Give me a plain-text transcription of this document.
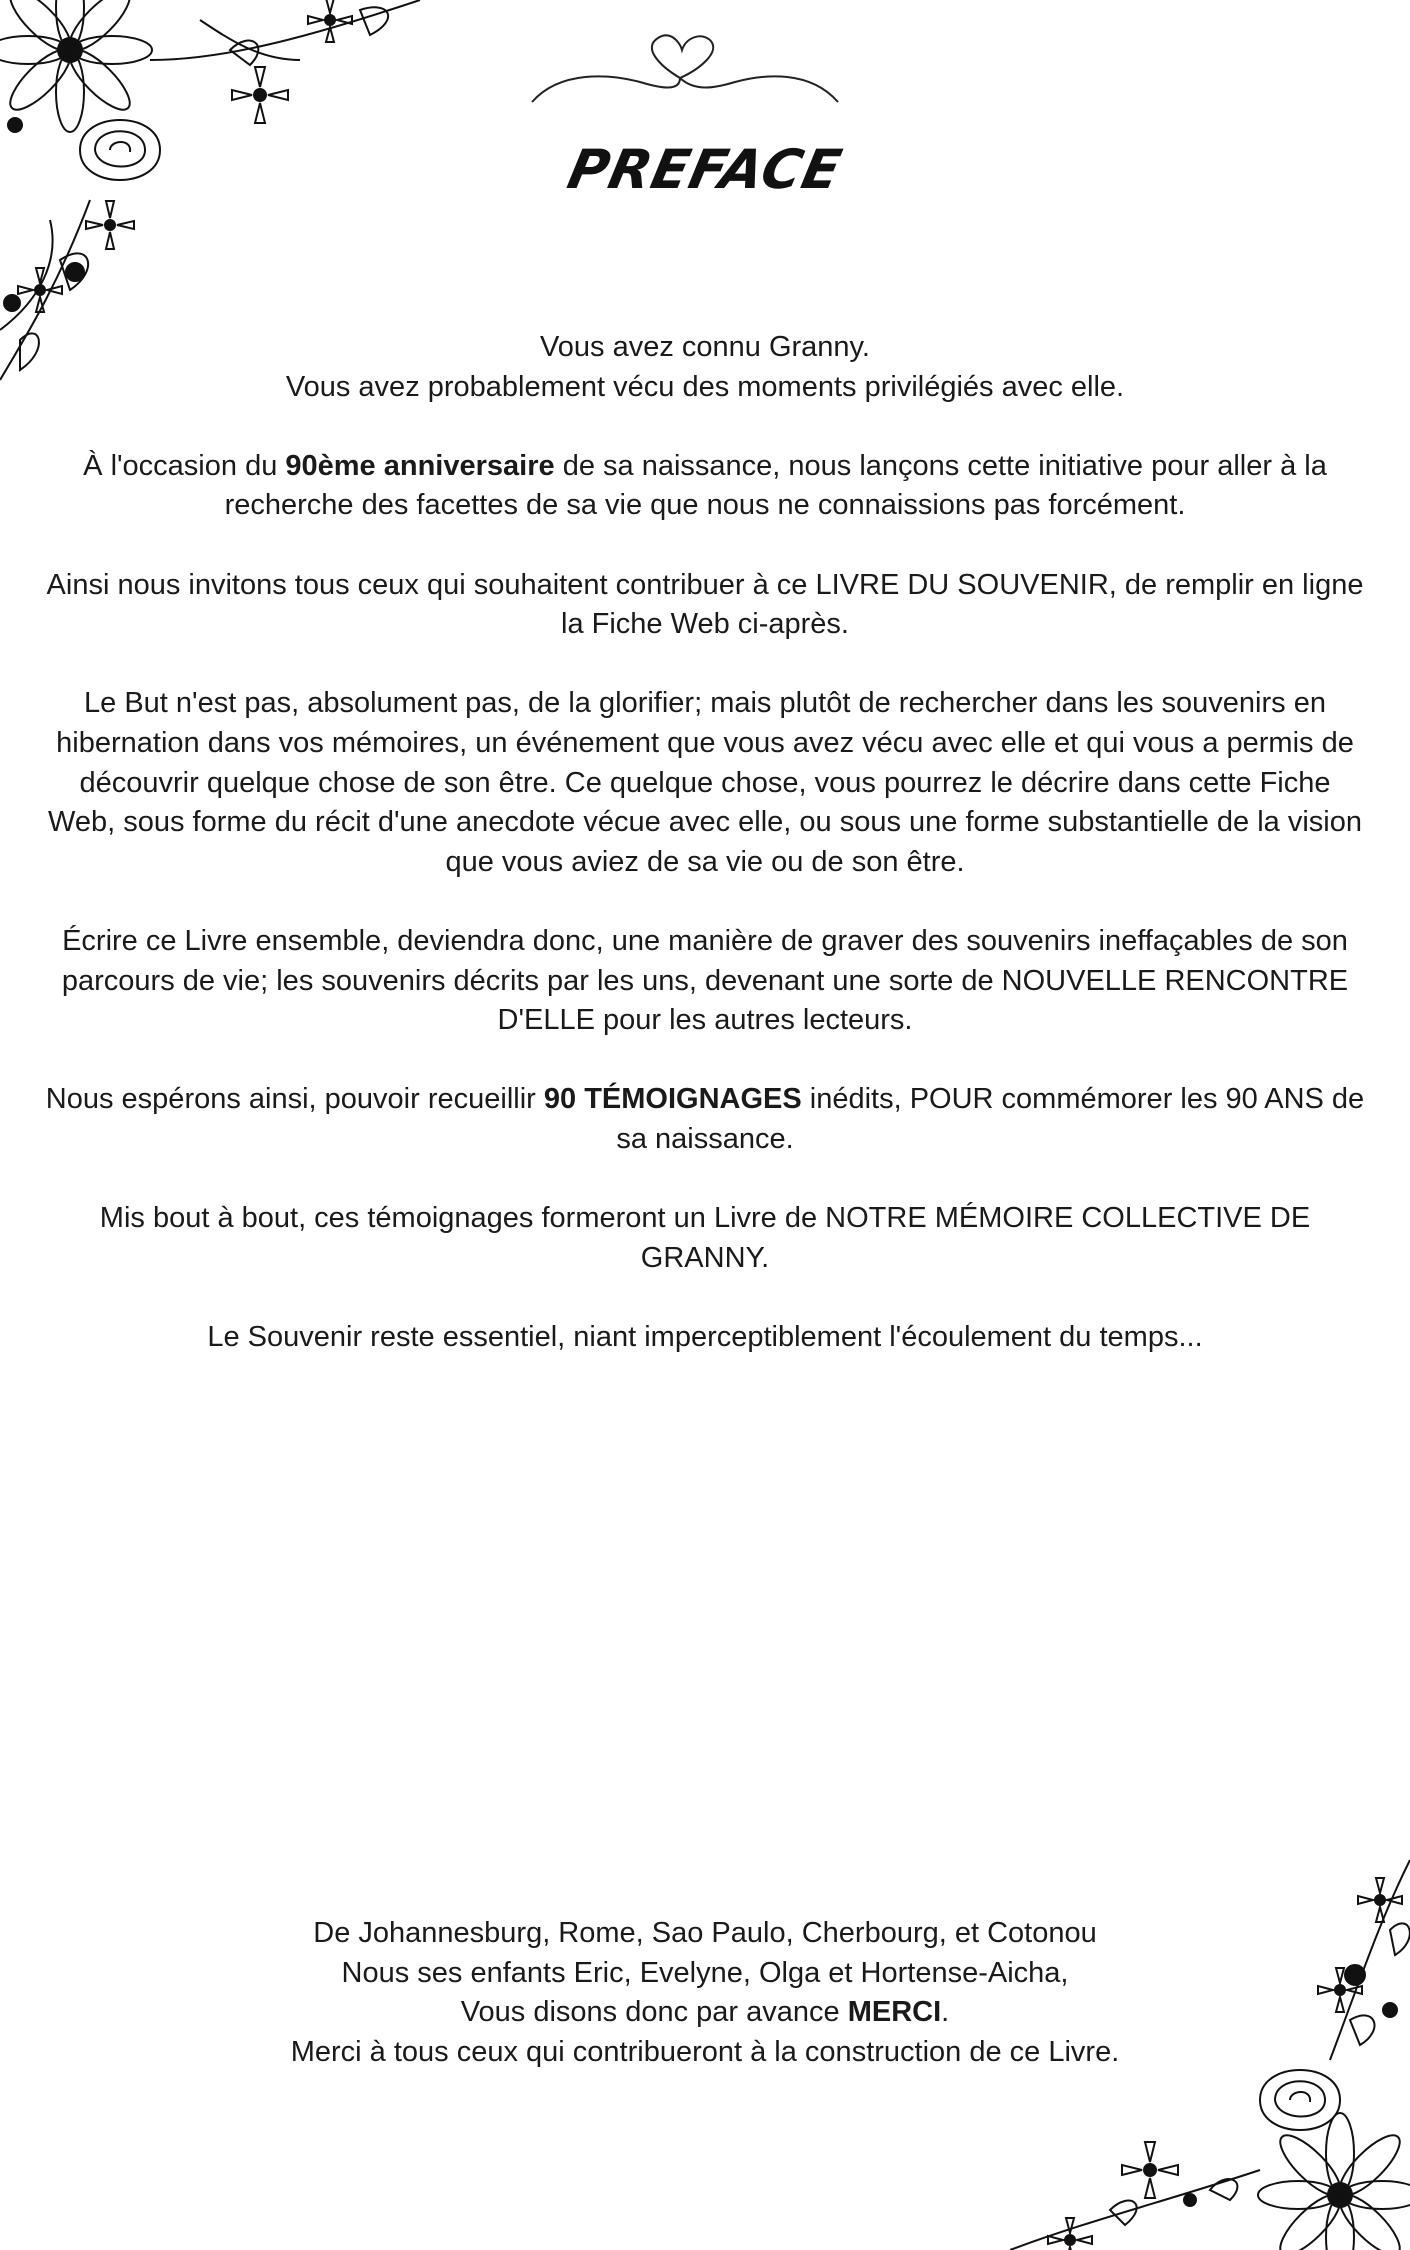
PREFACE

Vous avez connu Granny.
Vous avez probablement vécu des moments privilégiés avec elle.

À l'occasion du 90ème anniversaire de sa naissance, nous lançons cette initiative pour aller à la recherche des facettes de sa vie que nous ne connaissions pas forcément.

Ainsi nous invitons tous ceux qui souhaitent contribuer à ce LIVRE DU SOUVENIR, de remplir en ligne la Fiche Web ci-après.

Le But n'est pas, absolument pas, de la glorifier; mais plutôt de rechercher dans les souvenirs en hibernation dans vos mémoires, un événement que vous avez vécu avec elle et qui vous a permis de découvrir quelque chose de son être. Ce quelque chose, vous pourrez le décrire dans cette Fiche Web, sous forme du récit d'une anecdote vécue avec elle, ou sous une forme substantielle de la vision que vous aviez de sa vie ou de son être.

Écrire ce Livre ensemble, deviendra donc, une manière de graver des souvenirs ineffaçables de son parcours de vie; les souvenirs décrits par les uns, devenant une sorte de NOUVELLE RENCONTRE D'ELLE pour les autres lecteurs.

Nous espérons ainsi, pouvoir recueillir 90 TÉMOIGNAGES inédits, POUR commémorer les 90 ANS de sa naissance.

Mis bout à bout, ces témoignages formeront un Livre de NOTRE MÉMOIRE COLLECTIVE DE GRANNY.

Le Souvenir reste essentiel, niant imperceptiblement l'écoulement du temps...

De Johannesburg, Rome, Sao Paulo, Cherbourg, et Cotonou
Nous ses enfants Eric, Evelyne, Olga et Hortense-Aicha,
Vous disons donc par avance MERCI.
Merci à tous ceux qui contribueront à la construction de ce Livre.
